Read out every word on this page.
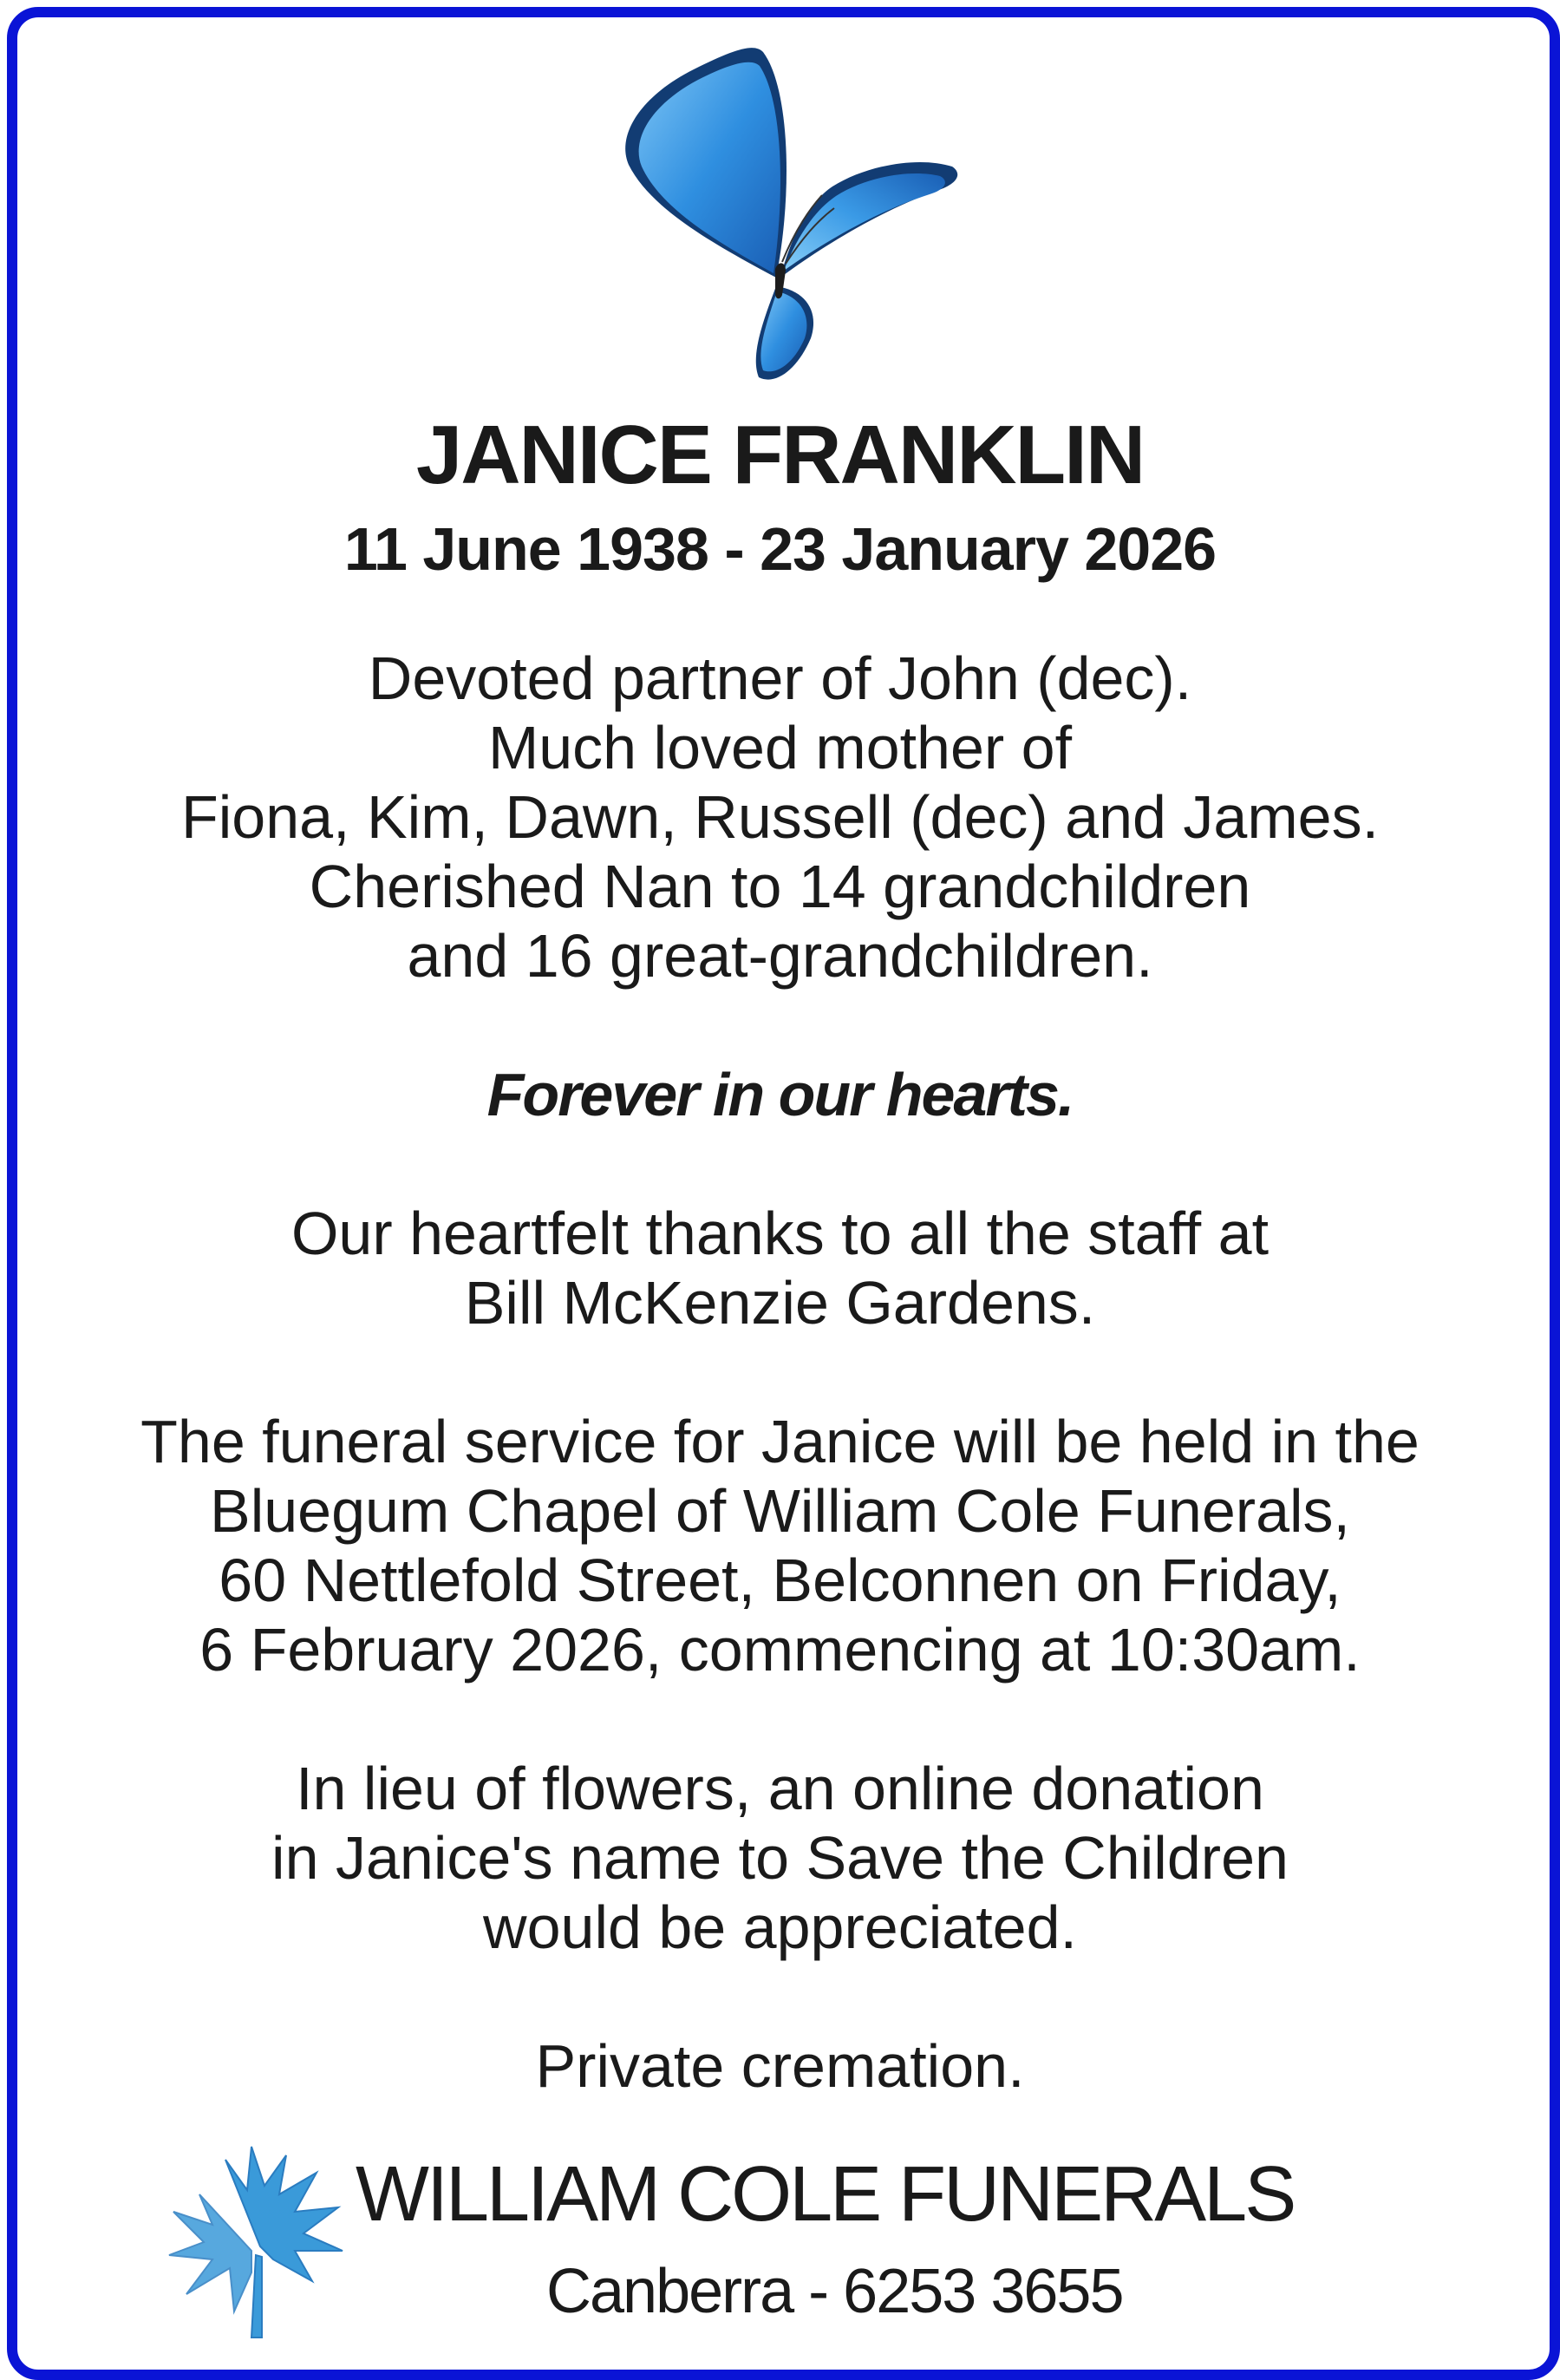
JANICE FRANKLIN

11 June 1938 - 23 January 2026

Devoted partner of John (dec).
Much loved mother of
Fiona, Kim, Dawn, Russell (dec) and James.
Cherished Nan to 14 grandchildren
and 16 great-grandchildren.

Forever in our hearts.

Our heartfelt thanks to all the staff at
Bill McKenzie Gardens.

The funeral service for Janice will be held in the
Bluegum Chapel of William Cole Funerals,
60 Nettlefold Street, Belconnen on Friday,
6 February 2026, commencing at 10:30am.

In lieu of flowers, an online donation
in Janice's name to Save the Children
would be appreciated.

Private cremation.

WILLIAM COLE FUNERALS
Canberra - 6253 3655
